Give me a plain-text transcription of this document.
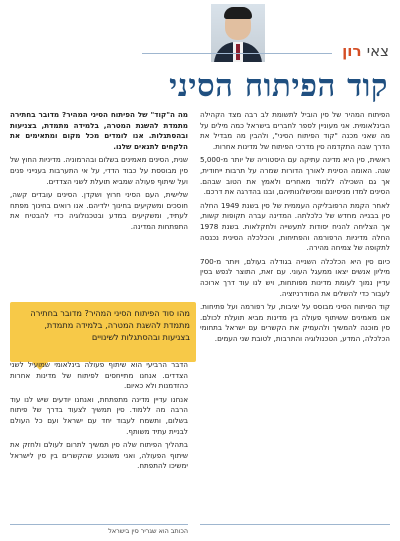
צאי רון
קוד הפיתוח הסיני

הפיתוח המהיר של סין הוביל לתשומת לב רבה מצד הקהילה הבינלאומית. אני מעוניין לספר לחברים בישראל כמה מילים על מה שאני מכנה "קוד הפיתוח הסיני", ולהבין מה מבדיל את הדרך שבה התקדמה סין מדרכי הפיתוח של מדינות אחרות.

ראשית, סין היא מדינה עתיקה עם היסטוריה של יותר מ-5,000 שנה. האומה הסינית לאורך הדורות שמרה על תרבות ייחודית, אך גם השכילה ללמוד מאחרים ולאמץ את הטוב שבהם. הסינים למדו מניסיונם ומכישלונותיהם, ובנו בהדרגה את דרכם.

לאחר הקמת הרפובליקה העממית של סין בשנת 1949 החלה סין בבנייה מחדש של כלכלתה. המדינה עברה תקופות קשות, אך הצליחה להניח יסודות לתעשייה ולחקלאות. בשנת 1978 החלה מדיניות הרפורמה והפתיחות, והכלכלה הסינית נכנסה לתקופה של צמיחה מהירה.

כיום סין היא הכלכלה השנייה בגודלה בעולם, ויותר מ-700 מיליון אנשים יצאו ממעגל העוני. עם זאת, התוצר לנפש בסין עדיין נמוך לעומת מדינות מפותחות, ויש לנו עוד דרך ארוכה לעבור כדי להשלים את המודרניזציה.

קוד הפיתוח הסיני מבוסס על יציבות, על רפורמה ועל פתיחות. אנו מאמינים ששיתוף פעולה בין מדינות מביא תועלת לכולם. סין מוכנה להמשיך ולהעמיק את הקשרים עם ישראל בתחומי הכלכלה, המדע, הטכנולוגיה והתרבות, לטובת שני העמים.

מה ה"קוד" של הפיתוח הסיני המהיר? מדובר בחתירה מתמדת להשגת המטרה, בלמידה מתמדת, בצניעות ובהסתגלות. אנו לומדים מכל מקום ומתאימים את הלקחים לתנאים שלנו.

שנית, הסינים מאמינים בשלום ובהרמוניה. מדיניות החוץ של סין מבוססת על כבוד הדדי, על אי התערבות בענייני פנים ועל שיתוף פעולה שמביא תועלת לשני הצדדים.

שלישית, העם הסיני חרוץ ושקדן. הסינים עובדים קשה, חוסכים ומשקיעים בחינוך ילדיהם. אנו רואים בחינוך מפתח לעתיד, ומשקיעים במדע ובטכנולוגיה כדי להבטיח את התפתחות המדינה.

מהו סוד הפיתוח הסיני המהיר? מדובר בחתירה מתמדת להשגת המטרה, בלמידה מתמדת, בצניעות ובהסתגלות לשינויים

הדבר הרביעי הוא שיתוף פעולה בינלאומי שמועיל לשני הצדדים. אנחנו מתייחסים לפיתוח של מדינות אחרות כהזדמנות ולא כאיום.

אנחנו עדיין מדינה מתפתחת, ואנחנו יודעים שיש לנו עוד הרבה מה ללמוד. סין תמשיך לצעוד בדרך של פיתוח בשלום, ותשמח לעבוד יחד עם ישראל ועם כל העולם לבניית עתיד משותף.

בתהליך הפיתוח שלה סין תמשיך לתרום לעולם ולחזק את שיתוף הפעולה, ואני משוכנע שהקשרים בין סין לישראל ימשיכו להתפתח.

הכותב הוא שגריר סין בישראל
